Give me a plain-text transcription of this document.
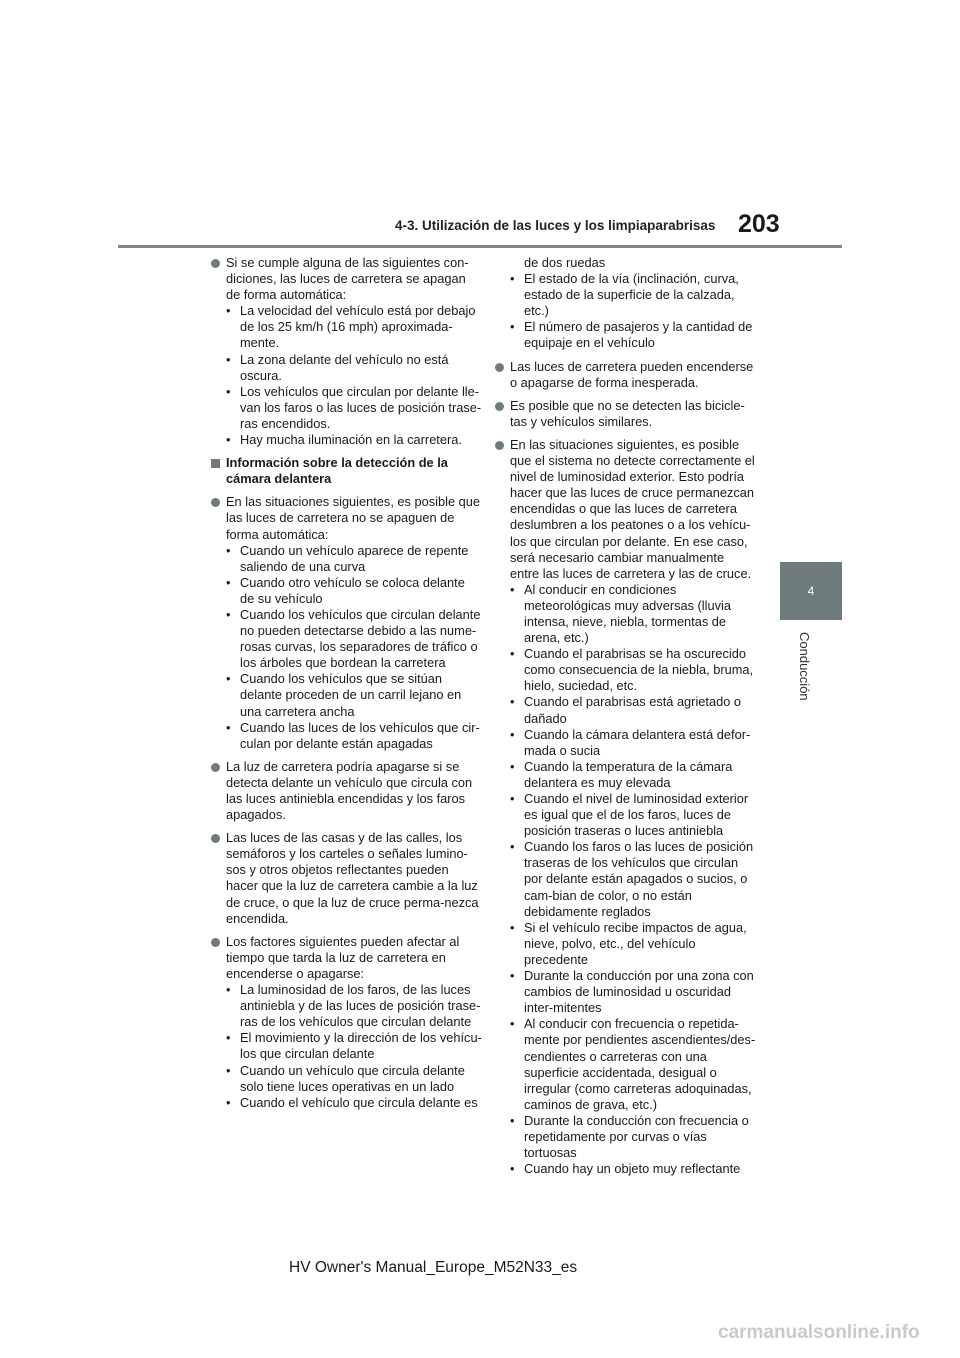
4-3. Utilización de las luces y los limpiaparabrisas 203
4
Conducción
Si se cumple alguna de las siguientes con-diciones, las luces de carretera se apagan de forma automática:
• La velocidad del vehículo está por debajo de los 25 km/h (16 mph) aproximada-mente.
• La zona delante del vehículo no está oscura.
• Los vehículos que circulan por delante lle-van los faros o las luces de posición trase-ras encendidos.
• Hay mucha iluminación en la carretera.
Información sobre la detección de la cámara delantera
En las situaciones siguientes, es posible que las luces de carretera no se apaguen de forma automática:
• Cuando un vehículo aparece de repente saliendo de una curva
• Cuando otro vehículo se coloca delante de su vehículo
• Cuando los vehículos que circulan delante no pueden detectarse debido a las nume-rosas curvas, los separadores de tráfico o los árboles que bordean la carretera
• Cuando los vehículos que se sitúan delante proceden de un carril lejano en una carretera ancha
• Cuando las luces de los vehículos que cir-culan por delante están apagadas
La luz de carretera podría apagarse si se detecta delante un vehículo que circula con las luces antiniebla encendidas y los faros apagados.
Las luces de las casas y de las calles, los semáforos y los carteles o señales lumino-sos y otros objetos reflectantes pueden hacer que la luz de carretera cambie a la luz de cruce, o que la luz de cruce perma-nezca encendida.
Los factores siguientes pueden afectar al tiempo que tarda la luz de carretera en encenderse o apagarse:
• La luminosidad de los faros, de las luces antiniebla y de las luces de posición trase-ras de los vehículos que circulan delante
• El movimiento y la dirección de los vehícu-los que circulan delante
• Cuando un vehículo que circula delante solo tiene luces operativas en un lado
• Cuando el vehículo que circula delante es
de dos ruedas
• El estado de la vía (inclinación, curva, estado de la superficie de la calzada, etc.)
• El número de pasajeros y la cantidad de equipaje en el vehículo
Las luces de carretera pueden encenderse o apagarse de forma inesperada.
Es posible que no se detecten las bicicle-tas y vehículos similares.
En las situaciones siguientes, es posible que el sistema no detecte correctamente el nivel de luminosidad exterior. Esto podría hacer que las luces de cruce permanezcan encendidas o que las luces de carretera deslumbren a los peatones o a los vehícu-los que circulan por delante. En ese caso, será necesario cambiar manualmente entre las luces de carretera y las de cruce.
• Al conducir en condiciones meteorológicas muy adversas (lluvia intensa, nieve, niebla, tormentas de arena, etc.)
• Cuando el parabrisas se ha oscurecido como consecuencia de la niebla, bruma, hielo, suciedad, etc.
• Cuando el parabrisas está agrietado o dañado
• Cuando la cámara delantera está defor-mada o sucia
• Cuando la temperatura de la cámara delantera es muy elevada
• Cuando el nivel de luminosidad exterior es igual que el de los faros, luces de posición traseras o luces antiniebla
• Cuando los faros o las luces de posición traseras de los vehículos que circulan por delante están apagados o sucios, o cam-bian de color, o no están debidamente reglados
• Si el vehículo recibe impactos de agua, nieve, polvo, etc., del vehículo precedente
• Durante la conducción por una zona con cambios de luminosidad u oscuridad inter-mitentes
• Al conducir con frecuencia o repetida-mente por pendientes ascendientes/des-cendientes o carreteras con una superficie accidentada, desigual o irregular (como carreteras adoquinadas, caminos de grava, etc.)
• Durante la conducción con frecuencia o repetidamente por curvas o vías tortuosas
• Cuando hay un objeto muy reflectante
HV Owner's Manual_Europe_M52N33_es
carmanualsonline.info
